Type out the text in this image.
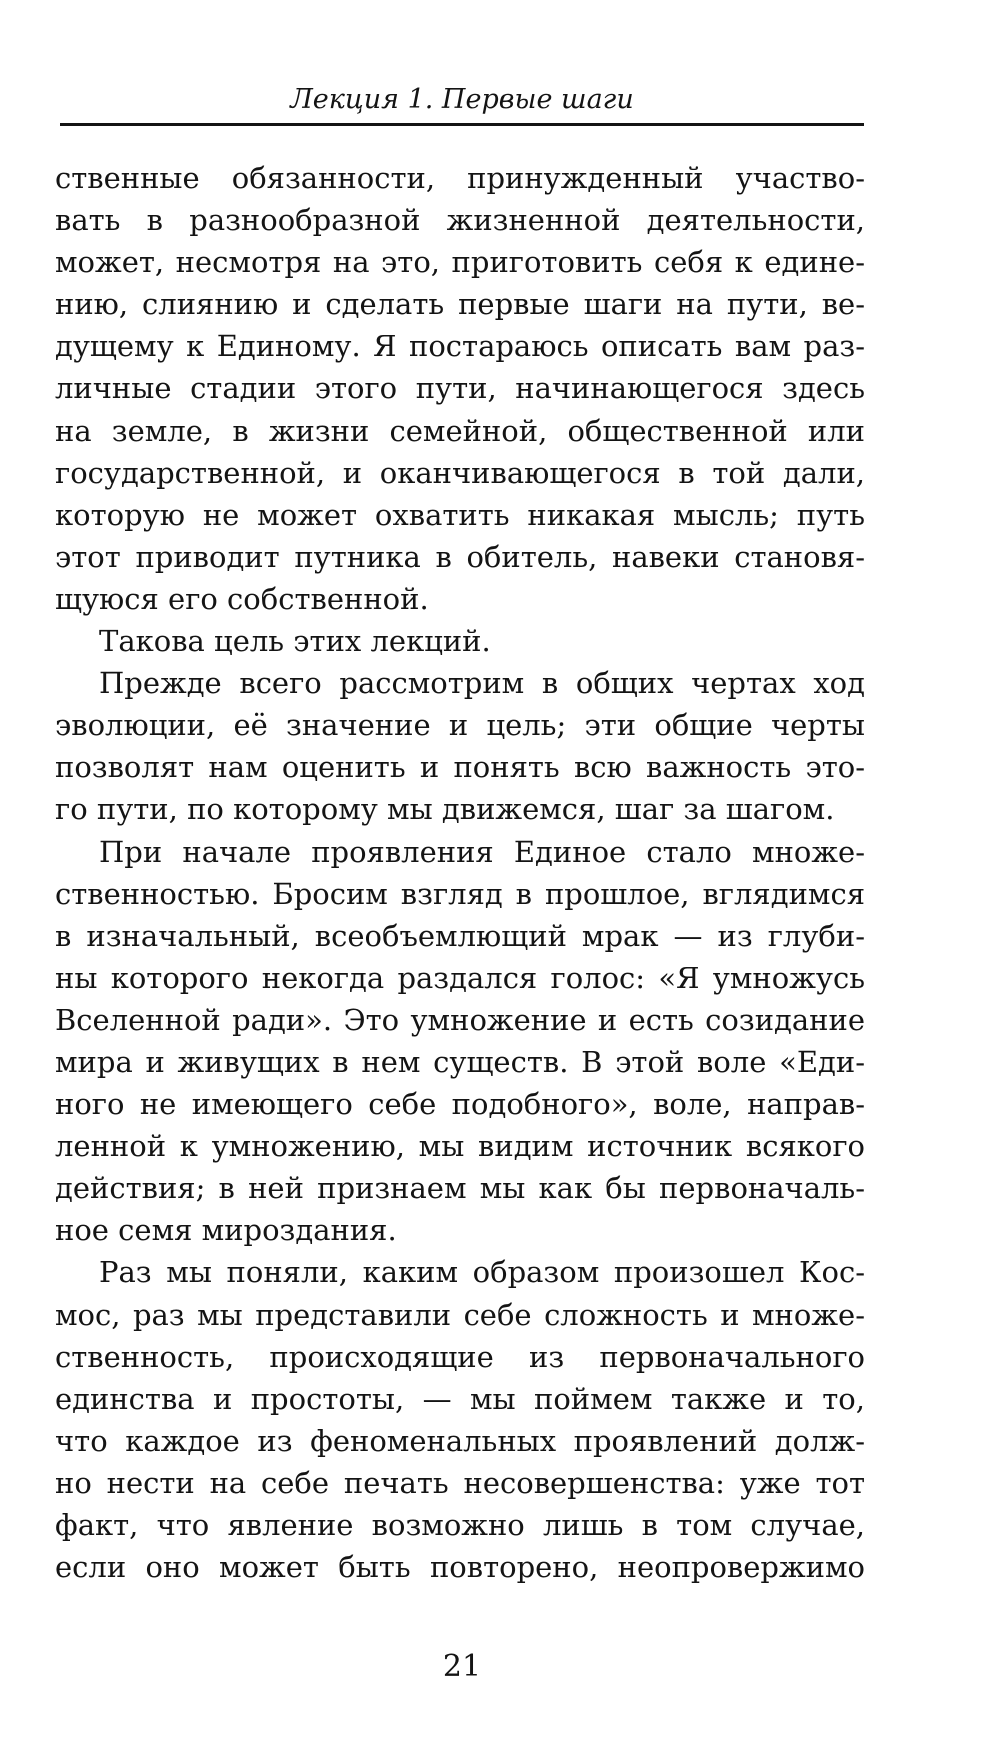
Лекция 1. Первые шаги
ственные обязанности, принужденный участво-
вать в разнообразной жизненной деятельности,
может, несмотря на это, приготовить себя к едине-
нию, слиянию и сделать первые шаги на пути, ве-
дущему к Единому. Я постараюсь описать вам раз-
личные стадии этого пути, начинающегося здесь
на земле, в жизни семейной, общественной или
государственной, и оканчивающегося в той дали,
которую не может охватить никакая мысль; путь
этот приводит путника в обитель, навеки становя-
щуюся его собственной.
Такова цель этих лекций.
Прежде всего рассмотрим в общих чертах ход
эволюции, её значение и цель; эти общие черты
позволят нам оценить и понять всю важность это-
го пути, по которому мы движемся, шаг за шагом.
При начале проявления Единое стало множе-
ственностью. Бросим взгляд в прошлое, вглядимся
в изначальный, всеобъемлющий мрак — из глуби-
ны которого некогда раздался голос: «Я умножусь
Вселенной ради». Это умножение и есть созидание
мира и живущих в нем существ. В этой воле «Еди-
ного не имеющего себе подобного», воле, направ-
ленной к умножению, мы видим источник всякого
действия; в ней признаем мы как бы первоначаль-
ное семя мироздания.
Раз мы поняли, каким образом произошел Кос-
мос, раз мы представили себе сложность и множе-
ственность, происходящие из первоначального
единства и простоты, — мы поймем также и то,
что каждое из феноменальных проявлений долж-
но нести на себе печать несовершенства: уже тот
факт, что явление возможно лишь в том случае,
если оно может быть повторено, неопровержимо
21
